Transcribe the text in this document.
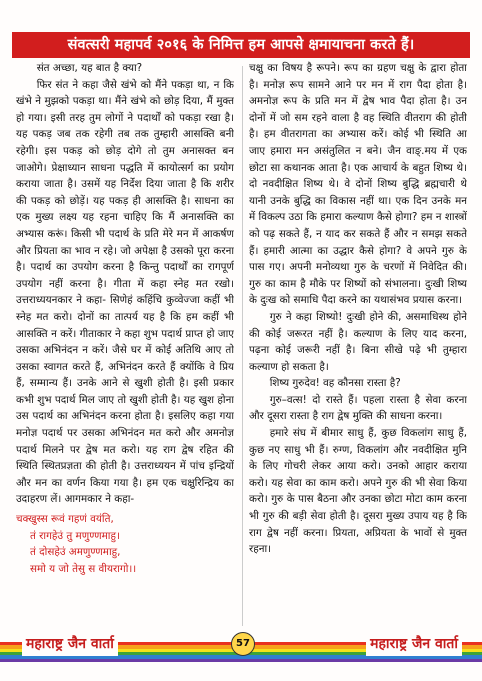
संवत्सरी महापर्व २०१६ के निमित्त हम आपसे क्षमायाचना करते हैं।

संत अच्छा, यह बात है क्या?

फिर संत ने कहा जैसे खंभे को मैंने पकड़ा था, न कि खंभे ने मुझको पकड़ा था। मैंने खंभे को छोड़ दिया, मैं मुक्त हो गया। इसी तरह तुम लोगों ने पदार्थों को पकड़ा रखा है। यह पकड़ जब तक रहेगी तब तक तुम्हारी आसक्ति बनी रहेगी। इस पकड़ को छोड़ दोगे तो तुम अनासक्त बन जाओगे। प्रेक्षाध्यान साधना पद्धति में कायोत्सर्ग का प्रयोग कराया जाता है। उसमें यह निर्देश दिया जाता है कि शरीर की पकड़ को छोड़ें। यह पकड़ ही आसक्ति है। साधना का एक मुख्य लक्ष्य यह रहना चाहिए कि मैं अनासक्ति का अभ्यास करूं। किसी भी पदार्थ के प्रति मेरे मन में आकर्षण और प्रियता का भाव न रहे। जो अपेक्षा है उसको पूरा करना है। पदार्थ का उपयोग करना है किन्तु पदार्थों का रागपूर्ण उपयोग नहीं करना है। गीता में कहा स्नेह मत रखो। उत्तराध्ययनकार ने कहा- सिणेहं कहिंचि कुव्वेज्जा कहीं भी स्नेह मत करो। दोनों का तात्पर्य यह है कि हम कहीं भी आसक्ति न करें। गीताकार ने कहा शुभ पदार्थ प्राप्त हो जाए उसका अभिनंदन न करें। जैसे घर में कोई अतिथि आए तो उसका स्वागत करते हैं, अभिनंदन करते हैं क्योंकि वे प्रिय हैं, सम्मान्य हैं। उनके आने से खुशी होती है। इसी प्रकार कभी शुभ पदार्थ मिल जाए तो खुशी होती है। यह खुश होना उस पदार्थ का अभिनंदन करना होता है। इसलिए कहा गया मनोज्ञ पदार्थ पर उसका अभिनंदन मत करो और अमनोज्ञ पदार्थ मिलने पर द्वेष मत करो। यह राग द्वेष रहित की स्थिति स्थितप्रज्ञता की होती है। उत्तराध्ययन में पांच इन्द्रियों और मन का वर्णन किया गया है। हम एक चक्षुरिन्द्रिय का उदाहरण लें। आगमकार ने कहा-

चक्खुस्स रूवं गहणं वयंति,
तं रागहेउं तु मणुण्णमाहु।
तं दोसहेउं अमणुण्णमाहु,
समो य जो तेसु स वीयरागो।।

चक्षु का विषय है रूपने। रूप का ग्रहण चक्षु के द्वारा होता है। मनोज्ञ रूप सामने आने पर मन में राग पैदा होता है। अमनोज्ञ रूप के प्रति मन में द्वेष भाव पैदा होता है। उन दोनों में जो सम रहने वाला है वह स्थिति वीतराग की होती है। हम वीतरागता का अभ्यास करें। कोई भी स्थिति आ जाए हमारा मन असंतुलित न बने। जैन वाङ्.मय में एक छोटा सा कथानक आता है। एक आचार्य के बहुत शिष्य थे। दो नवदीक्षित शिष्य थे। वे दोनों शिष्य बुद्धि ब्रह्मचारी थे यानी उनके बुद्धि का विकास नहीं था। एक दिन उनके मन में विकल्प उठा कि हमारा कल्याण कैसे होगा? हम न शास्त्रों को पढ़ सकते हैं, न याद कर सकते हैं और न समझ सकते हैं। हमारी आत्मा का उद्धार कैसे होगा? वे अपने गुरु के पास गए। अपनी मनोव्यथा गुरु के चरणों में निवेदित की। गुरु का काम है मौके पर शिष्यों को संभालना। दुःखी शिष्य के दुःख को समाधि पैदा करने का यथासंभव प्रयास करना।

गुरु ने कहा शिष्यो! दुःखी होने की, असमाधिस्थ होने की कोई जरूरत नहीं है। कल्याण के लिए याद करना, पढ़ना कोई जरूरी नहीं है। बिना सीखे पढ़े भी तुम्हारा कल्याण हो सकता है।

शिष्य गुरुदेव! वह कौनसा रास्ता है?

गुरु–वत्स! दो रास्ते हैं। पहला रास्ता है सेवा करना और दूसरा रास्ता है राग द्वेष मुक्ति की साधना करना।

हमारे संघ में बीमार साधु हैं, कुछ विकलांग साधु हैं, कुछ नए साधु भी हैं। रुग्ण, विकलांग और नवदीक्षित मुनि के लिए गोचरी लेकर आया करो। उनको आहार कराया करो। यह सेवा का काम करो। अपने गुरु की भी सेवा किया करो। गुरु के पास बैठना और उनका छोटा मोटा काम करना भी गुरु की बड़ी सेवा होती है। दूसरा मुख्य उपाय यह है कि राग द्वेष नहीं करना। प्रियता, अप्रियता के भावों से मुक्त रहना।

महाराष्ट्र जैन वार्ता	57	महाराष्ट्र जैन वार्ता
